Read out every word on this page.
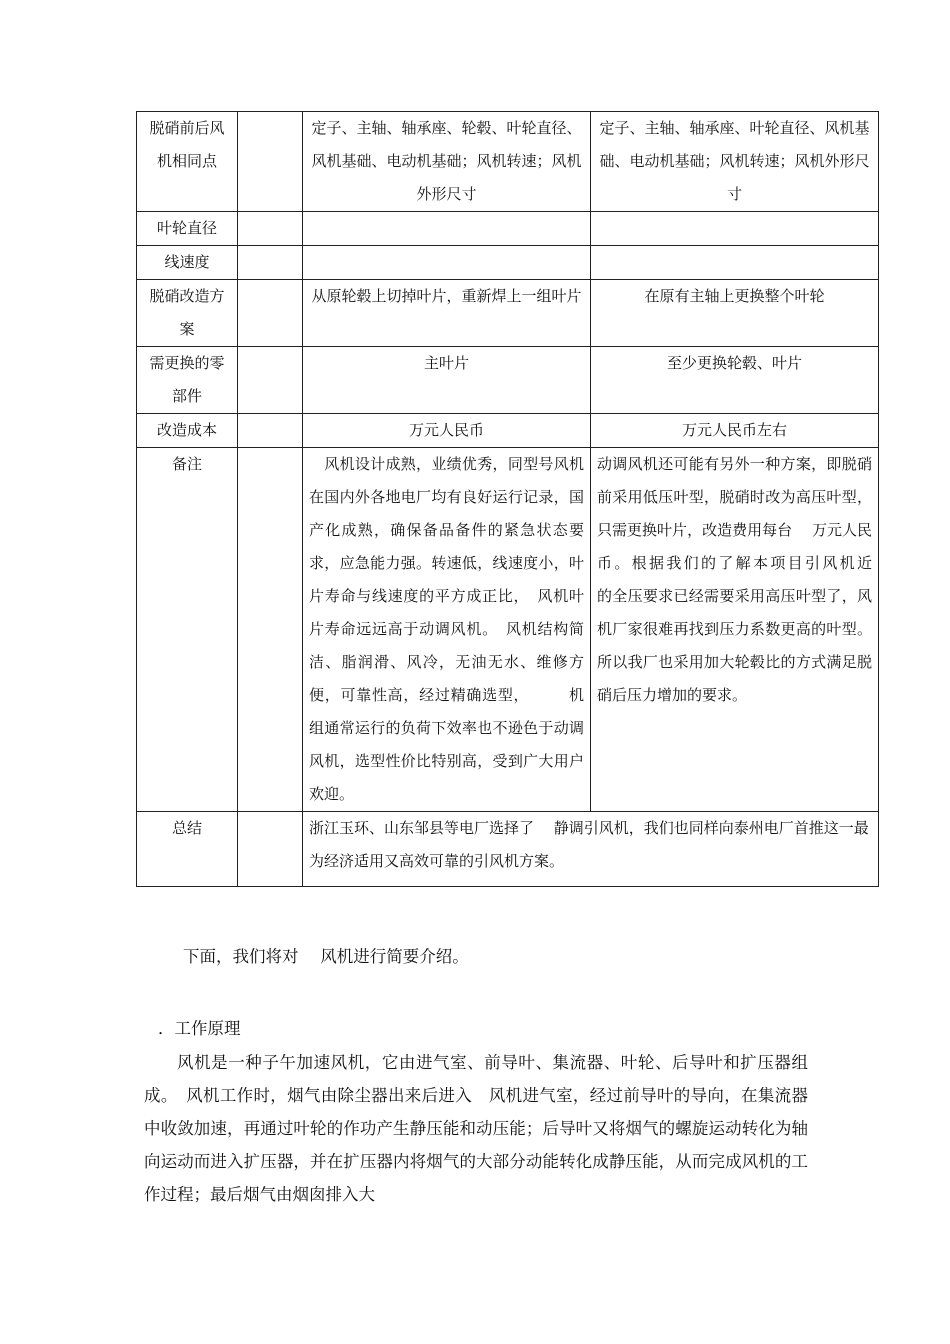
脱硝前后风机相同点		定子、主轴、轴承座、轮毂、叶轮直径、风机基础、电动机基础；风机转速；风机外形尺寸	定子、主轴、轴承座、叶轮直径、风机基础、电动机基础；风机转速；风机外形尺寸
叶轮直径			
线速度			
脱硝改造方案		从原轮毂上切掉叶片，重新焊上一组叶片	在原有主轴上更换整个叶轮
需更换的零部件		主叶片	至少更换轮毂、叶片
改造成本		万元人民币	万元人民币左右
备注		　风机设计成熟，业绩优秀，同型号风机在国内外各地电厂均有良好运行记录，国产化成熟，确保备品备件的紧急状态要求，应急能力强。转速低，线速度小，叶片寿命与线速度的平方成正比，　风机叶片寿命远远高于动调风机。　风机结构简洁、脂润滑、风冷，无油无水、维修方便，可靠性高，经过精确选型，　　　机组通常运行的负荷下效率也不逊色于动调风机，选型性价比特别高，受到广大用户欢迎。	动调风机还可能有另外一种方案，即脱硝前采用低压叶型，脱硝时改为高压叶型，只需更换叶片，改造费用每台　 万元人民币。根据我们的了解本项目引风机近　　　的全压要求已经需要采用高压叶型了，风机厂家很难再找到压力系数更高的叶型。所以我厂也采用加大轮毂比的方式满足脱硝后压力增加的要求。
总结		浙江玉环、山东邹县等电厂选择了　 静调引风机，我们也同样向泰州电厂首推这一最为经济适用又高效可靠的引风机方案。	

下面，我们将对　 风机进行简要介绍。

．工作原理

风机是一种子午加速风机，它由进气室、前导叶、集流器、叶轮、后导叶和扩压器组成。　风机工作时，烟气由除尘器出来后进入　风机进气室，经过前导叶的导向，在集流器中收敛加速，再通过叶轮的作功产生静压能和动压能；后导叶又将烟气的螺旋运动转化为轴向运动而进入扩压器，并在扩压器内将烟气的大部分动能转化成静压能，从而完成风机的工作过程；最后烟气由烟囱排入大
